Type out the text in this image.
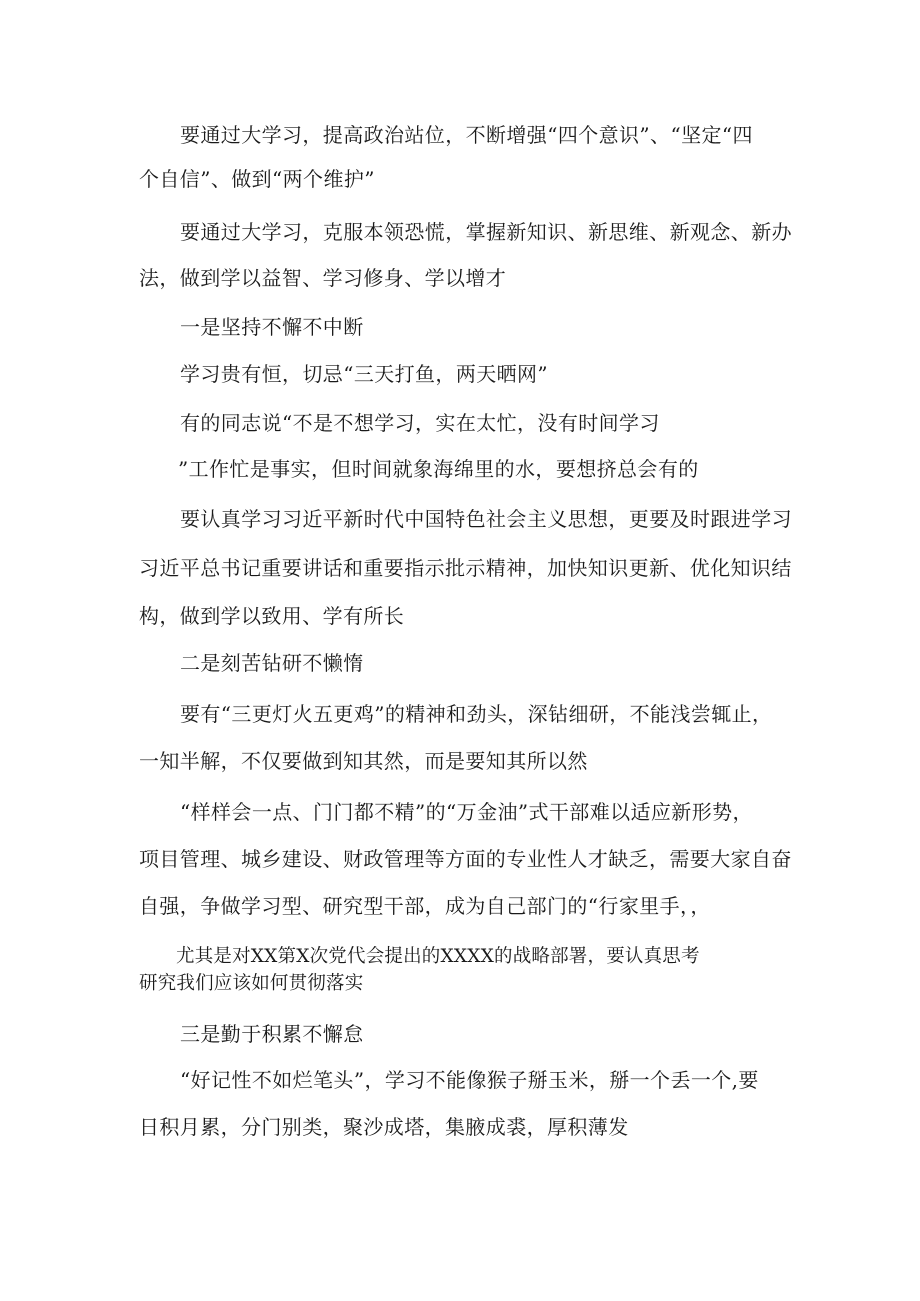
要通过大学习，提高政治站位，不断增强“四个意识”、“坚定“四
个自信”、做到“两个维护”
要通过大学习，克服本领恐慌，掌握新知识、新思维、新观念、新办
法，做到学以益智、学习修身、学以增才
一是坚持不懈不中断
学习贵有恒，切忌“三天打鱼，两天晒网”
有的同志说“不是不想学习，实在太忙，没有时间学习
”工作忙是事实，但时间就象海绵里的水，要想挤总会有的
要认真学习习近平新时代中国特色社会主义思想，更要及时跟进学习
习近平总书记重要讲话和重要指示批示精神，加快知识更新、优化知识结
构，做到学以致用、学有所长
二是刻苦钻研不懒惰
要有“三更灯火五更鸡”的精神和劲头，深钻细研，不能浅尝辄止，
一知半解，不仅要做到知其然，而是要知其所以然
“样样会一点、门门都不精”的“万金油”式干部难以适应新形势，
项目管理、城乡建设、财政管理等方面的专业性人才缺乏，需要大家自奋
自强，争做学习型、研究型干部，成为自己部门的“行家里手，，
尤其是对XX第X次党代会提出的XXXX的战略部署，要认真思考
研究我们应该如何贯彻落实
三是勤于积累不懈怠
“好记性不如烂笔头”，学习不能像猴子掰玉米，掰一个丢一个,要
日积月累，分门别类，聚沙成塔，集腋成裘，厚积薄发
